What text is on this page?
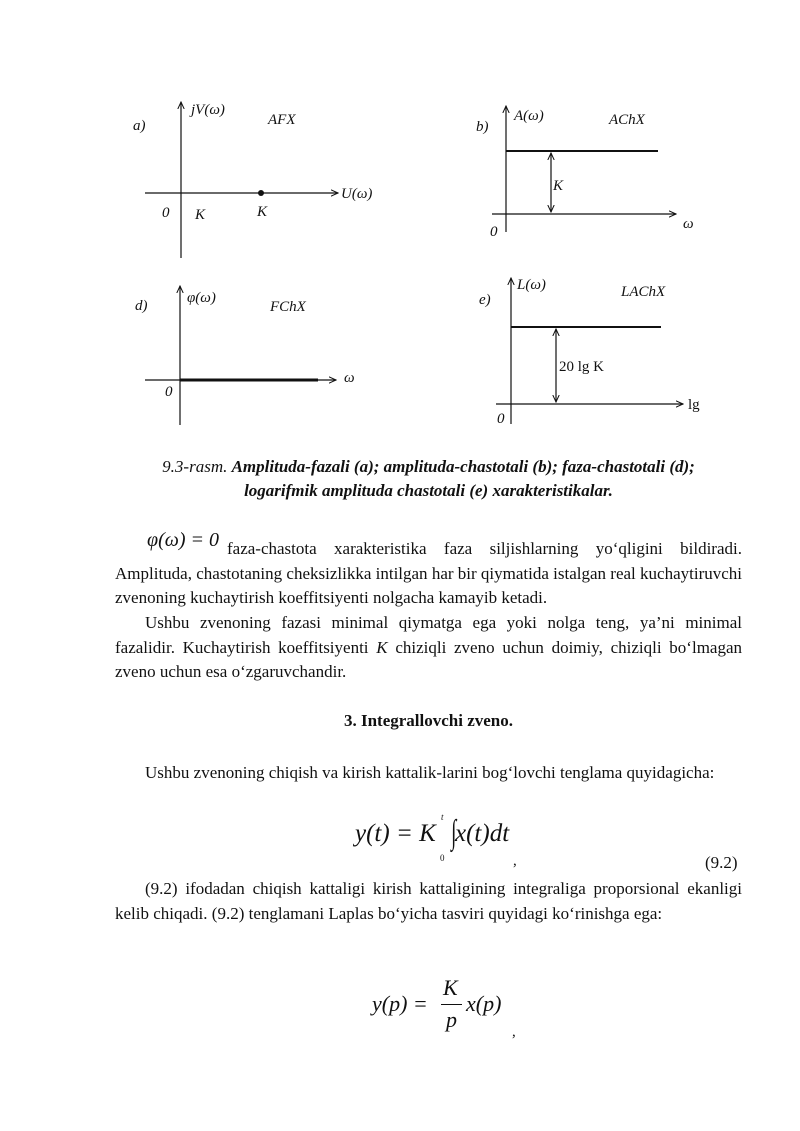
a)
jV(ω)
AFX
U(ω)
0 K	K
b)
A(ω)	AChX
K
0	ω
d)	φ(ω)
FChX
0
ω
e)
L(ω)	LAChX
20 lg K
0
lg
9.3-rasm. Amplituda-fazali (a); amplituda-chastotali (b); faza-chastotali (d);
logarifmik amplituda chastotali (e) xarakteristikalar.
φ(ω) = 0 faza-chastota xarakteristika faza siljishlarning yo‘qligini bildiradi. Amplituda, chastotaning cheksizlikka intilgan har bir qiymatida istalgan real kuchaytiruvchi zvenoning kuchaytirish koeffitsiyenti nolgacha kamayib ketadi.
Ushbu zvenoning fazasi minimal qiymatga ega yoki nolga teng, ya’ni minimal fazalidir. Kuchaytirish koeffitsiyenti K chiziqli zveno uchun doimiy, chiziqli bo‘lmagan zveno uchun esa o‘zgaruvchandir.
3. Integrallovchi zveno.
Ushbu zvenoning chiqish va kirish kattalik-larini bog‘lovchi tenglama quyidagicha:
y(t) = K ∫
t
0
x(t)dt
,	(9.2)
(9.2) ifodadan chiqish kattaligi kirish kattaligining integraliga proporsional ekanligi kelib chiqadi. (9.2) tenglamani Laplas bo‘yicha tasviri quyidagi ko‘rinishga ega:
y(p) =
K
p
x(p)
,
